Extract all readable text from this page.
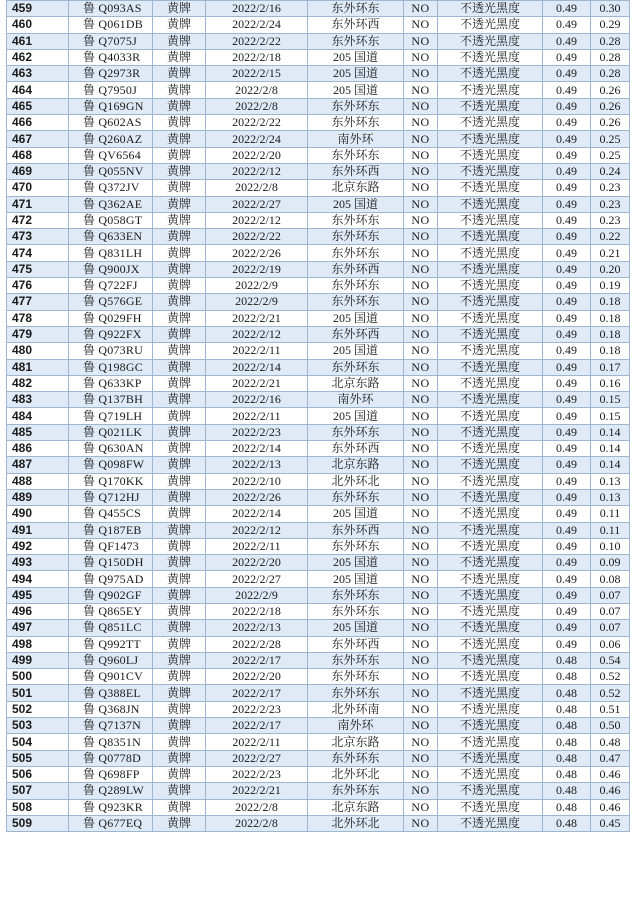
459	鲁 Q093AS	黄牌	2022/2/16	东外环东	NO	不透光黑度	0.49	0.30
460	鲁 Q061DB	黄牌	2022/2/24	东外环西	NO	不透光黑度	0.49	0.29
461	鲁 Q7075J	黄牌	2022/2/22	东外环东	NO	不透光黑度	0.49	0.28
462	鲁 Q4033R	黄牌	2022/2/18	205 国道	NO	不透光黑度	0.49	0.28
463	鲁 Q2973R	黄牌	2022/2/15	205 国道	NO	不透光黑度	0.49	0.28
464	鲁 Q7950J	黄牌	2022/2/8	205 国道	NO	不透光黑度	0.49	0.26
465	鲁 Q169GN	黄牌	2022/2/8	东外环东	NO	不透光黑度	0.49	0.26
466	鲁 Q602AS	黄牌	2022/2/22	东外环东	NO	不透光黑度	0.49	0.26
467	鲁 Q260AZ	黄牌	2022/2/24	南外环	NO	不透光黑度	0.49	0.25
468	鲁 QV6564	黄牌	2022/2/20	东外环东	NO	不透光黑度	0.49	0.25
469	鲁 Q055NV	黄牌	2022/2/12	东外环西	NO	不透光黑度	0.49	0.24
470	鲁 Q372JV	黄牌	2022/2/8	北京东路	NO	不透光黑度	0.49	0.23
471	鲁 Q362AE	黄牌	2022/2/27	205 国道	NO	不透光黑度	0.49	0.23
472	鲁 Q058GT	黄牌	2022/2/12	东外环东	NO	不透光黑度	0.49	0.23
473	鲁 Q633EN	黄牌	2022/2/22	东外环东	NO	不透光黑度	0.49	0.22
474	鲁 Q831LH	黄牌	2022/2/26	东外环东	NO	不透光黑度	0.49	0.21
475	鲁 Q900JX	黄牌	2022/2/19	东外环西	NO	不透光黑度	0.49	0.20
476	鲁 Q722FJ	黄牌	2022/2/9	东外环东	NO	不透光黑度	0.49	0.19
477	鲁 Q576GE	黄牌	2022/2/9	东外环东	NO	不透光黑度	0.49	0.18
478	鲁 Q029FH	黄牌	2022/2/21	205 国道	NO	不透光黑度	0.49	0.18
479	鲁 Q922FX	黄牌	2022/2/12	东外环西	NO	不透光黑度	0.49	0.18
480	鲁 Q073RU	黄牌	2022/2/11	205 国道	NO	不透光黑度	0.49	0.18
481	鲁 Q198GC	黄牌	2022/2/14	东外环东	NO	不透光黑度	0.49	0.17
482	鲁 Q633KP	黄牌	2022/2/21	北京东路	NO	不透光黑度	0.49	0.16
483	鲁 Q137BH	黄牌	2022/2/16	南外环	NO	不透光黑度	0.49	0.15
484	鲁 Q719LH	黄牌	2022/2/11	205 国道	NO	不透光黑度	0.49	0.15
485	鲁 Q021LK	黄牌	2022/2/23	东外环东	NO	不透光黑度	0.49	0.14
486	鲁 Q630AN	黄牌	2022/2/14	东外环西	NO	不透光黑度	0.49	0.14
487	鲁 Q098FW	黄牌	2022/2/13	北京东路	NO	不透光黑度	0.49	0.14
488	鲁 Q170KK	黄牌	2022/2/10	北外环北	NO	不透光黑度	0.49	0.13
489	鲁 Q712HJ	黄牌	2022/2/26	东外环东	NO	不透光黑度	0.49	0.13
490	鲁 Q455CS	黄牌	2022/2/14	205 国道	NO	不透光黑度	0.49	0.11
491	鲁 Q187EB	黄牌	2022/2/12	东外环西	NO	不透光黑度	0.49	0.11
492	鲁 QF1473	黄牌	2022/2/11	东外环东	NO	不透光黑度	0.49	0.10
493	鲁 Q150DH	黄牌	2022/2/20	205 国道	NO	不透光黑度	0.49	0.09
494	鲁 Q975AD	黄牌	2022/2/27	205 国道	NO	不透光黑度	0.49	0.08
495	鲁 Q902GF	黄牌	2022/2/9	东外环东	NO	不透光黑度	0.49	0.07
496	鲁 Q865EY	黄牌	2022/2/18	东外环东	NO	不透光黑度	0.49	0.07
497	鲁 Q851LC	黄牌	2022/2/13	205 国道	NO	不透光黑度	0.49	0.07
498	鲁 Q992TT	黄牌	2022/2/28	东外环西	NO	不透光黑度	0.49	0.06
499	鲁 Q960LJ	黄牌	2022/2/17	东外环东	NO	不透光黑度	0.48	0.54
500	鲁 Q901CV	黄牌	2022/2/20	东外环东	NO	不透光黑度	0.48	0.52
501	鲁 Q388EL	黄牌	2022/2/17	东外环东	NO	不透光黑度	0.48	0.52
502	鲁 Q368JN	黄牌	2022/2/23	北外环南	NO	不透光黑度	0.48	0.51
503	鲁 Q7137N	黄牌	2022/2/17	南外环	NO	不透光黑度	0.48	0.50
504	鲁 Q8351N	黄牌	2022/2/11	北京东路	NO	不透光黑度	0.48	0.48
505	鲁 Q0778D	黄牌	2022/2/27	东外环东	NO	不透光黑度	0.48	0.47
506	鲁 Q698FP	黄牌	2022/2/23	北外环北	NO	不透光黑度	0.48	0.46
507	鲁 Q289LW	黄牌	2022/2/21	东外环东	NO	不透光黑度	0.48	0.46
508	鲁 Q923KR	黄牌	2022/2/8	北京东路	NO	不透光黑度	0.48	0.46
509	鲁 Q677EQ	黄牌	2022/2/8	北外环北	NO	不透光黑度	0.48	0.45
